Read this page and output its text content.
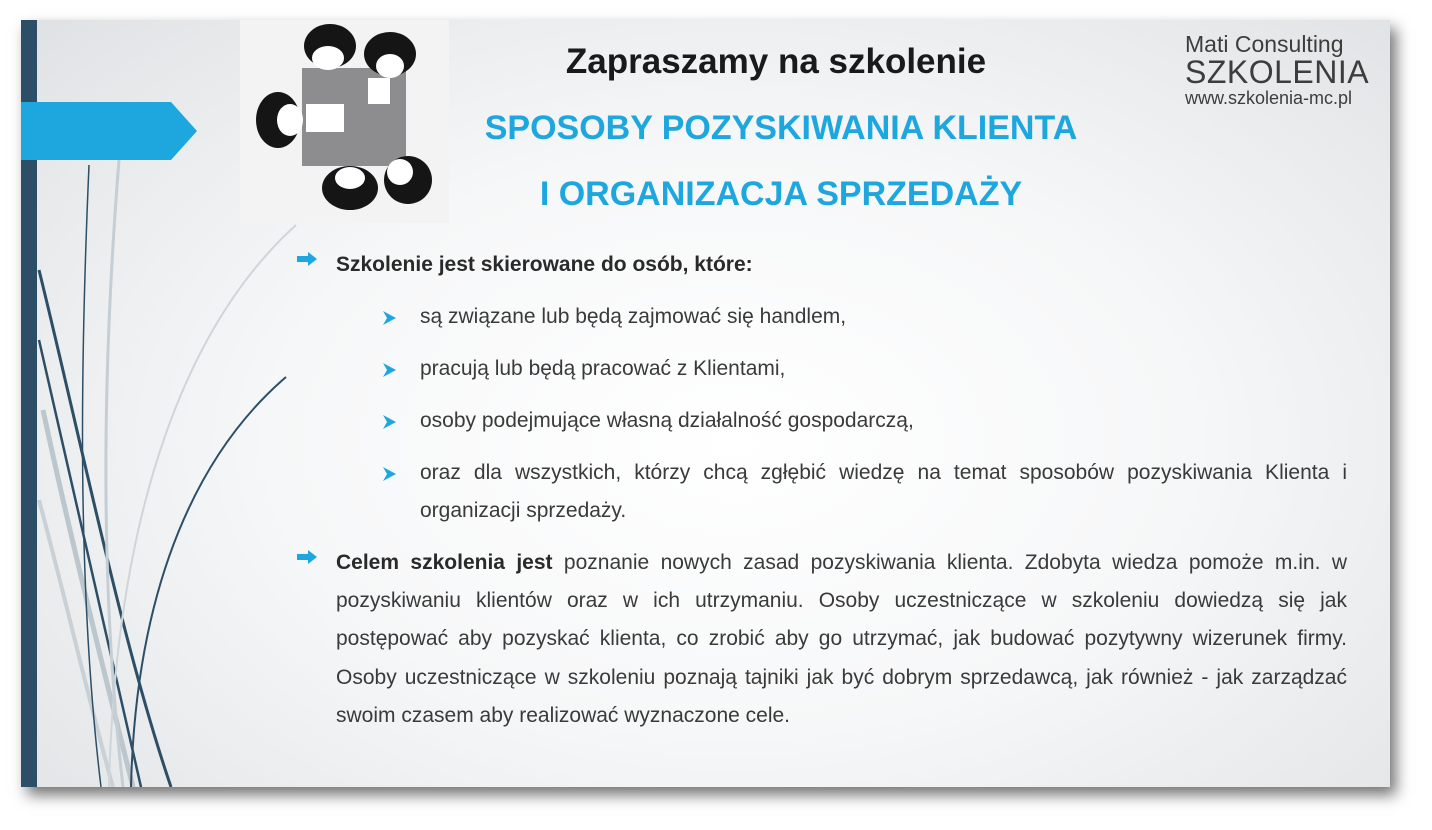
Zapraszamy na szkolenie
SPOSOBY POZYSKIWANIA KLIENTA
I ORGANIZACJA SPRZEDAŻY
Mati Consulting
SZKOLENIA
www.szkolenia-mc.pl
Szkolenie jest skierowane do osób, które:
są związane lub będą zajmować się handlem,
pracują lub będą pracować z Klientami,
osoby podejmujące własną działalność gospodarczą,
oraz dla wszystkich, którzy chcą zgłębić wiedzę na temat sposobów pozyskiwania Klienta i organizacji sprzedaży.
Celem szkolenia jest poznanie nowych zasad pozyskiwania klienta. Zdobyta wiedza pomoże m.in. w pozyskiwaniu klientów oraz w ich utrzymaniu. Osoby uczestniczące w szkoleniu dowiedzą się jak postępować aby pozyskać klienta, co zrobić aby go utrzymać, jak budować pozytywny wizerunek firmy. Osoby uczestniczące w szkoleniu poznają tajniki jak być dobrym sprzedawcą, jak również - jak zarządzać swoim czasem aby realizować wyznaczone cele.
